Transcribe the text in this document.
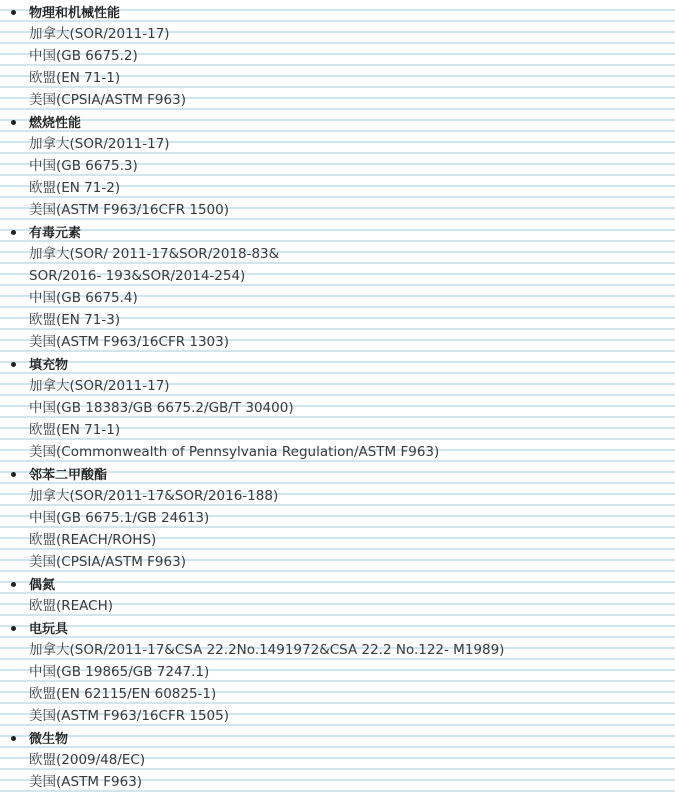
物理和机械性能
加拿大(SOR/2011-17)
中国(GB 6675.2)
欧盟(EN 71-1)
美国(CPSIA/ASTM F963)
燃烧性能
加拿大(SOR/2011-17)
中国(GB 6675.3)
欧盟(EN 71-2)
美国(ASTM F963/16CFR 1500)
有毒元素
加拿大(SOR/ 2011-17&SOR/2018-83&
SOR/2016- 193&SOR/2014-254)
中国(GB 6675.4)
欧盟(EN 71-3)
美国(ASTM F963/16CFR 1303)
填充物
加拿大(SOR/2011-17)
中国(GB 18383/GB 6675.2/GB/T 30400)
欧盟(EN 71-1)
美国(Commonwealth of Pennsylvania Regulation/ASTM F963)
邻苯二甲酸酯
加拿大(SOR/2011-17&SOR/2016-188)
中国(GB 6675.1/GB 24613)
欧盟(REACH/ROHS)
美国(CPSIA/ASTM F963)
偶氮
欧盟(REACH)
电玩具
加拿大(SOR/2011-17&CSA 22.2No.1491972&CSA 22.2 No.122- M1989)
中国(GB 19865/GB 7247.1)
欧盟(EN 62115/EN 60825-1)
美国(ASTM F963/16CFR 1505)
微生物
欧盟(2009/48/EC)
美国(ASTM F963)
